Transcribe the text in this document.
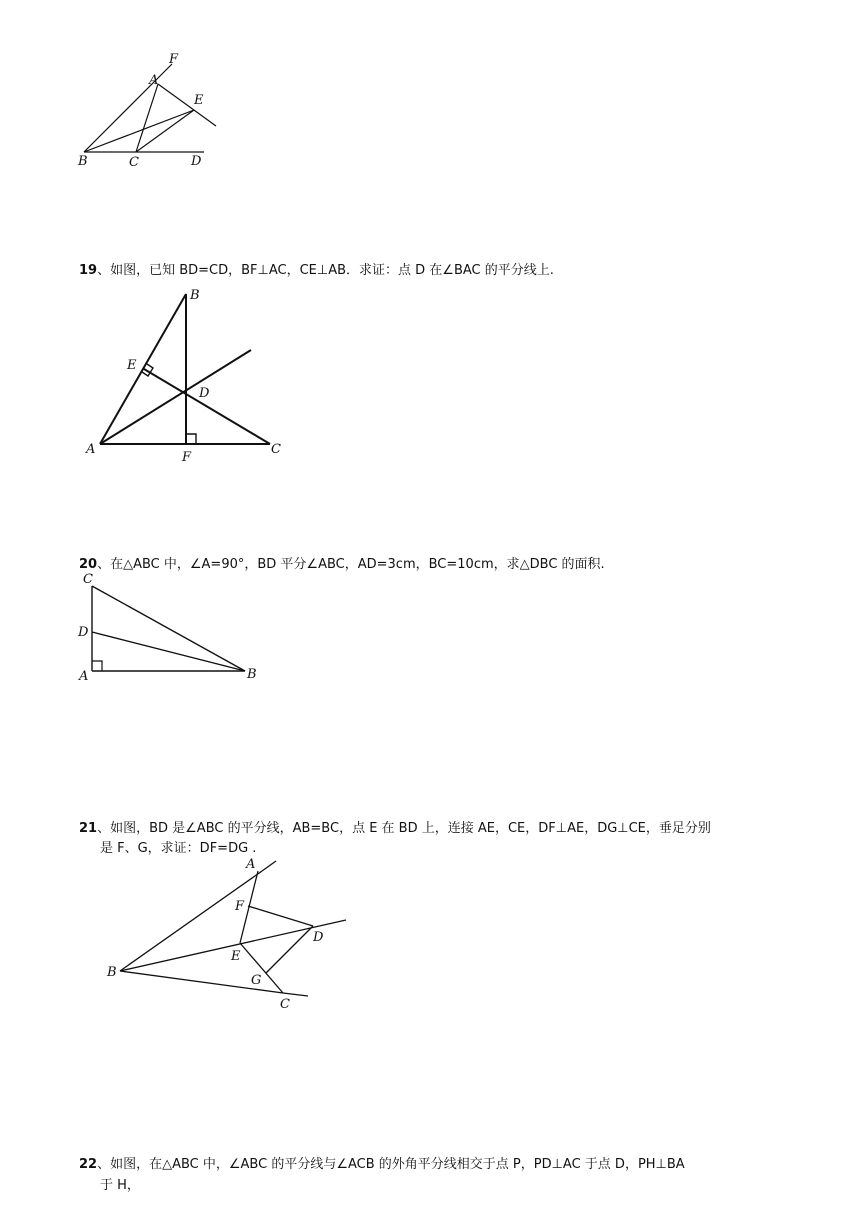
F
A
E
B	C	D
19、如图，已知 BD=CD，BF⊥AC，CE⊥AB．求证：点 D 在∠BAC 的平分线上.
B
E
D
A
F
C
20、在△ABC 中，∠A=90°，BD 平分∠ABC，AD=3cm，BC=10cm，求△DBC 的面积.
C
D
A	B
21、如图，BD 是∠ABC 的平分线，AB=BC，点 E 在 BD 上，连接 AE，CE，DF⊥AE，DG⊥CE，垂足分别
是 F、G，求证：DF=DG .
A
F
D
E
B
G
C
22、如图，在△ABC 中，∠ABC 的平分线与∠ACB 的外角平分线相交于点 P，PD⊥AC 于点 D，PH⊥BA
于 H，
